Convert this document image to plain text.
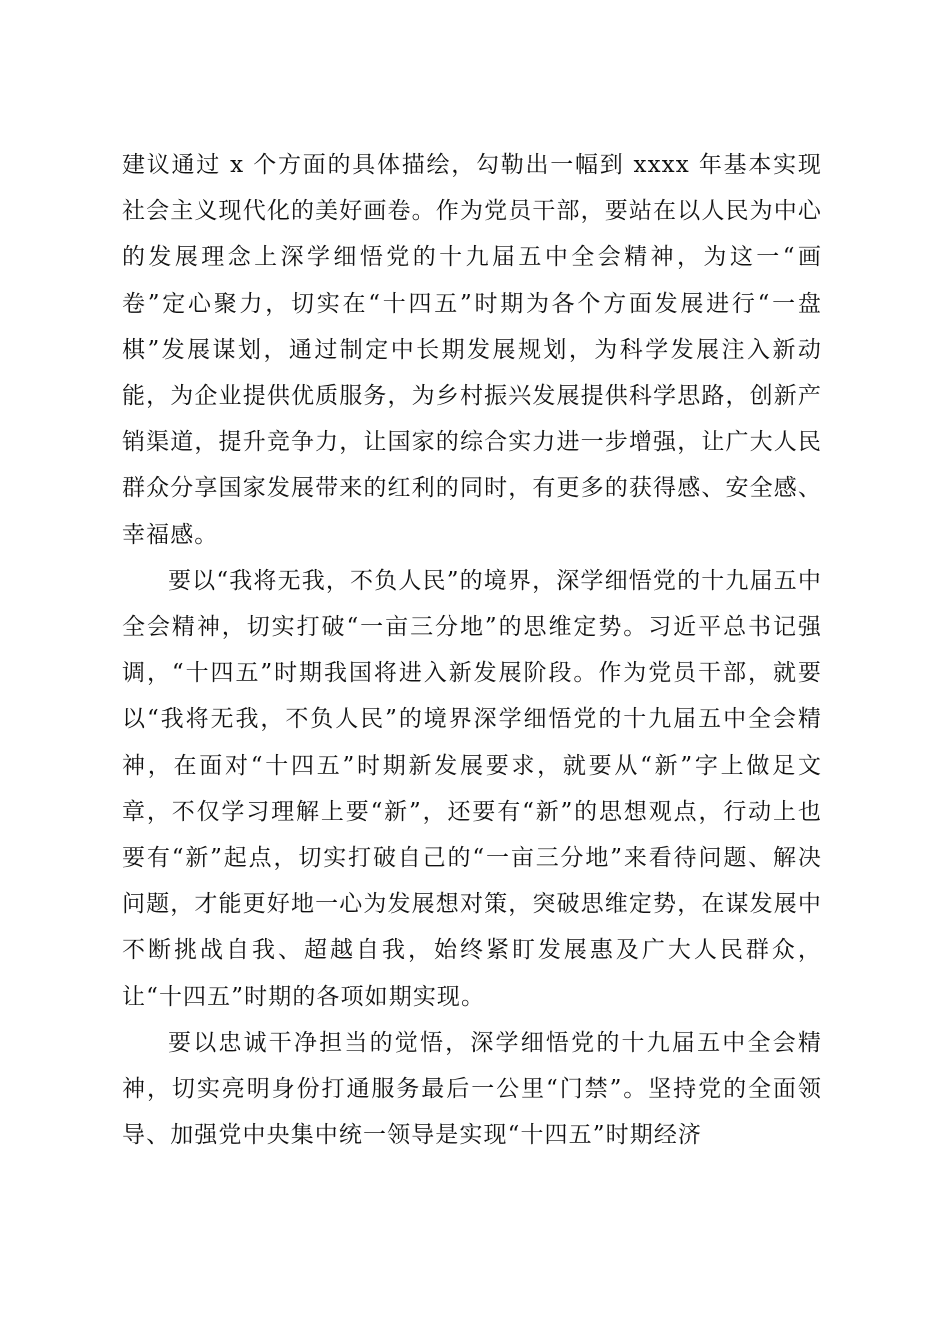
建议通过 x 个方面的具体描绘，勾勒出一幅到 xxxx 年基本实现社会主义现代化的美好画卷。作为党员干部，要站在以人民为中心的发展理念上深学细悟党的十九届五中全会精神，为这一“画卷”定心聚力，切实在“十四五”时期为各个方面发展进行“一盘棋”发展谋划，通过制定中长期发展规划，为科学发展注入新动能，为企业提供优质服务，为乡村振兴发展提供科学思路，创新产销渠道，提升竞争力，让国家的综合实力进一步增强，让广大人民群众分享国家发展带来的红利的同时，有更多的获得感、安全感、幸福感。

要以“我将无我，不负人民”的境界，深学细悟党的十九届五中全会精神，切实打破“一亩三分地”的思维定势。习近平总书记强调，“十四五”时期我国将进入新发展阶段。作为党员干部，就要以“我将无我，不负人民”的境界深学细悟党的十九届五中全会精神，在面对“十四五”时期新发展要求，就要从“新”字上做足文章，不仅学习理解上要“新”，还要有“新”的思想观点，行动上也要有“新”起点，切实打破自己的“一亩三分地”来看待问题、解决问题，才能更好地一心为发展想对策，突破思维定势，在谋发展中不断挑战自我、超越自我，始终紧盯发展惠及广大人民群众，让“十四五”时期的各项如期实现。

要以忠诚干净担当的觉悟，深学细悟党的十九届五中全会精神，切实亮明身份打通服务最后一公里“门禁”。坚持党的全面领导、加强党中央集中统一领导是实现“十四五”时期经济
